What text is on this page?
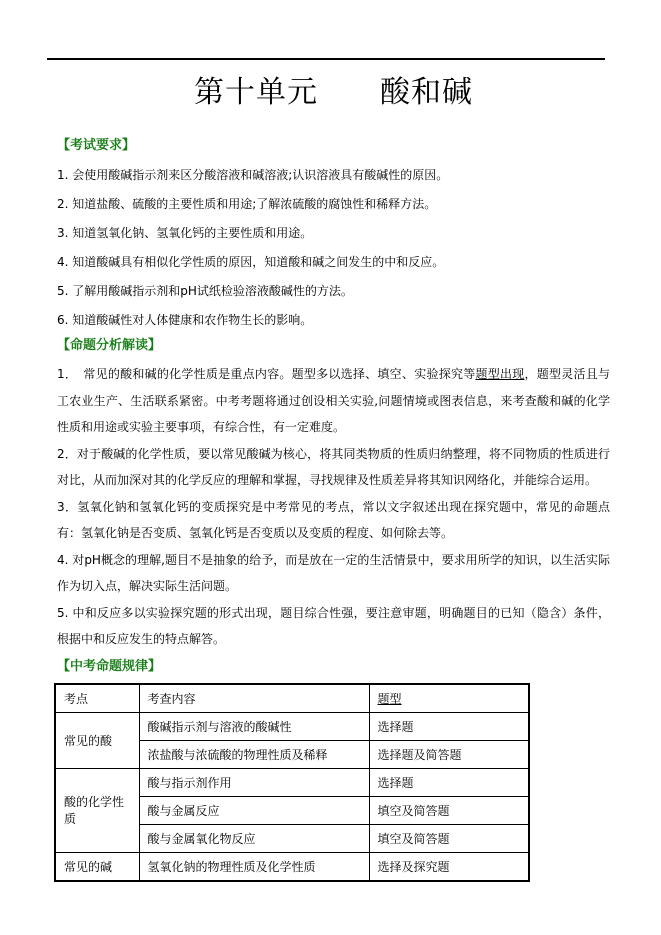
第十单元　　酸和碱
【考试要求】
1. 会使用酸碱指示剂来区分酸溶液和碱溶液;认识溶液具有酸碱性的原因。
2. 知道盐酸、硫酸的主要性质和用途;了解浓硫酸的腐蚀性和稀释方法。
3. 知道氢氧化钠、氢氧化钙的主要性质和用途。
4. 知道酸碱具有相似化学性质的原因，知道酸和碱之间发生的中和反应。
5. 了解用酸碱指示剂和pH试纸检验溶液酸碱性的方法。
6. 知道酸碱性对人体健康和农作物生长的影响。
【命题分析解读】

1．　常见的酸和碱的化学性质是重点内容。题型多以选择、填空、实验探究等题型出现，题型灵活且与工农业生产、生活联系紧密。中考考题将通过创设相关实验,问题情境或图表信息，来考查酸和碱的化学性质和用途或实验主要事项，有综合性，有一定难度。

2．对于酸碱的化学性质，要以常见酸碱为核心，将其同类物质的性质归纳整理，将不同物质的性质进行对比，从而加深对其的化学反应的理解和掌握，寻找规律及性质差异将其知识网络化，并能综合运用。

3．氢氧化钠和氢氧化钙的变质探究是中考常见的考点，常以文字叙述出现在探究题中，常见的命题点有：氢氧化钠是否变质、氢氧化钙是否变质以及变质的程度、如何除去等。

4. 对pH概念的理解,题目不是抽象的给予，而是放在一定的生活情景中，要求用所学的知识，以生活实际作为切入点，解决实际生活问题。

5. 中和反应多以实验探究题的形式出现，题目综合性强，要注意审题，明确题目的已知（隐含）条件，根据中和反应发生的特点解答。

【中考命题规律】
考点	考查内容	题型
常见的酸	酸碱指示剂与溶液的酸碱性	选择题
	浓盐酸与浓硫酸的物理性质及稀释	选择题及简答题
酸的化学性质	酸与指示剂作用	选择题
	酸与金属反应	填空及简答题
	酸与金属氧化物反应	填空及简答题
常见的碱	氢氧化钠的物理性质及化学性质	选择及探究题
